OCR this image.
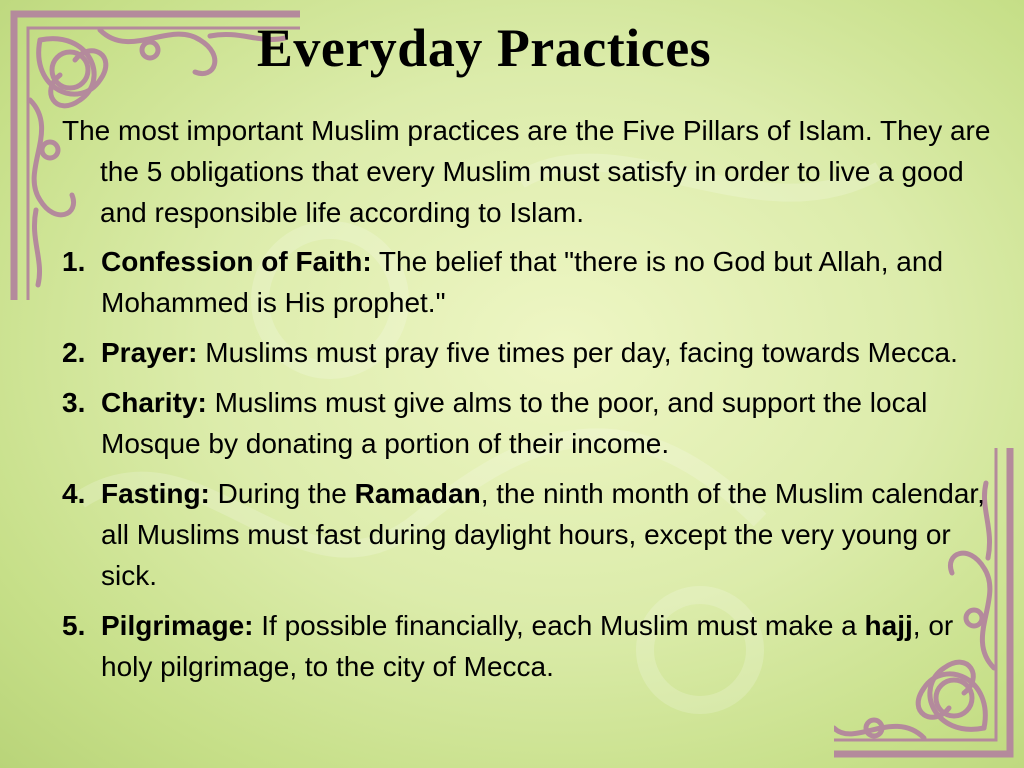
Everyday Practices

The most important Muslim practices are the Five Pillars of Islam. They are the 5 obligations that every Muslim must satisfy in order to live a good and responsible life according to Islam.

1. Confession of Faith: The belief that "there is no God but Allah, and Mohammed is His prophet."
2. Prayer: Muslims must pray five times per day, facing towards Mecca.
3. Charity: Muslims must give alms to the poor, and support the local Mosque by donating a portion of their income.
4. Fasting: During the Ramadan, the ninth month of the Muslim calendar, all Muslims must fast during daylight hours, except the very young or sick.
5. Pilgrimage: If possible financially, each Muslim must make a hajj, or holy pilgrimage, to the city of Mecca.
